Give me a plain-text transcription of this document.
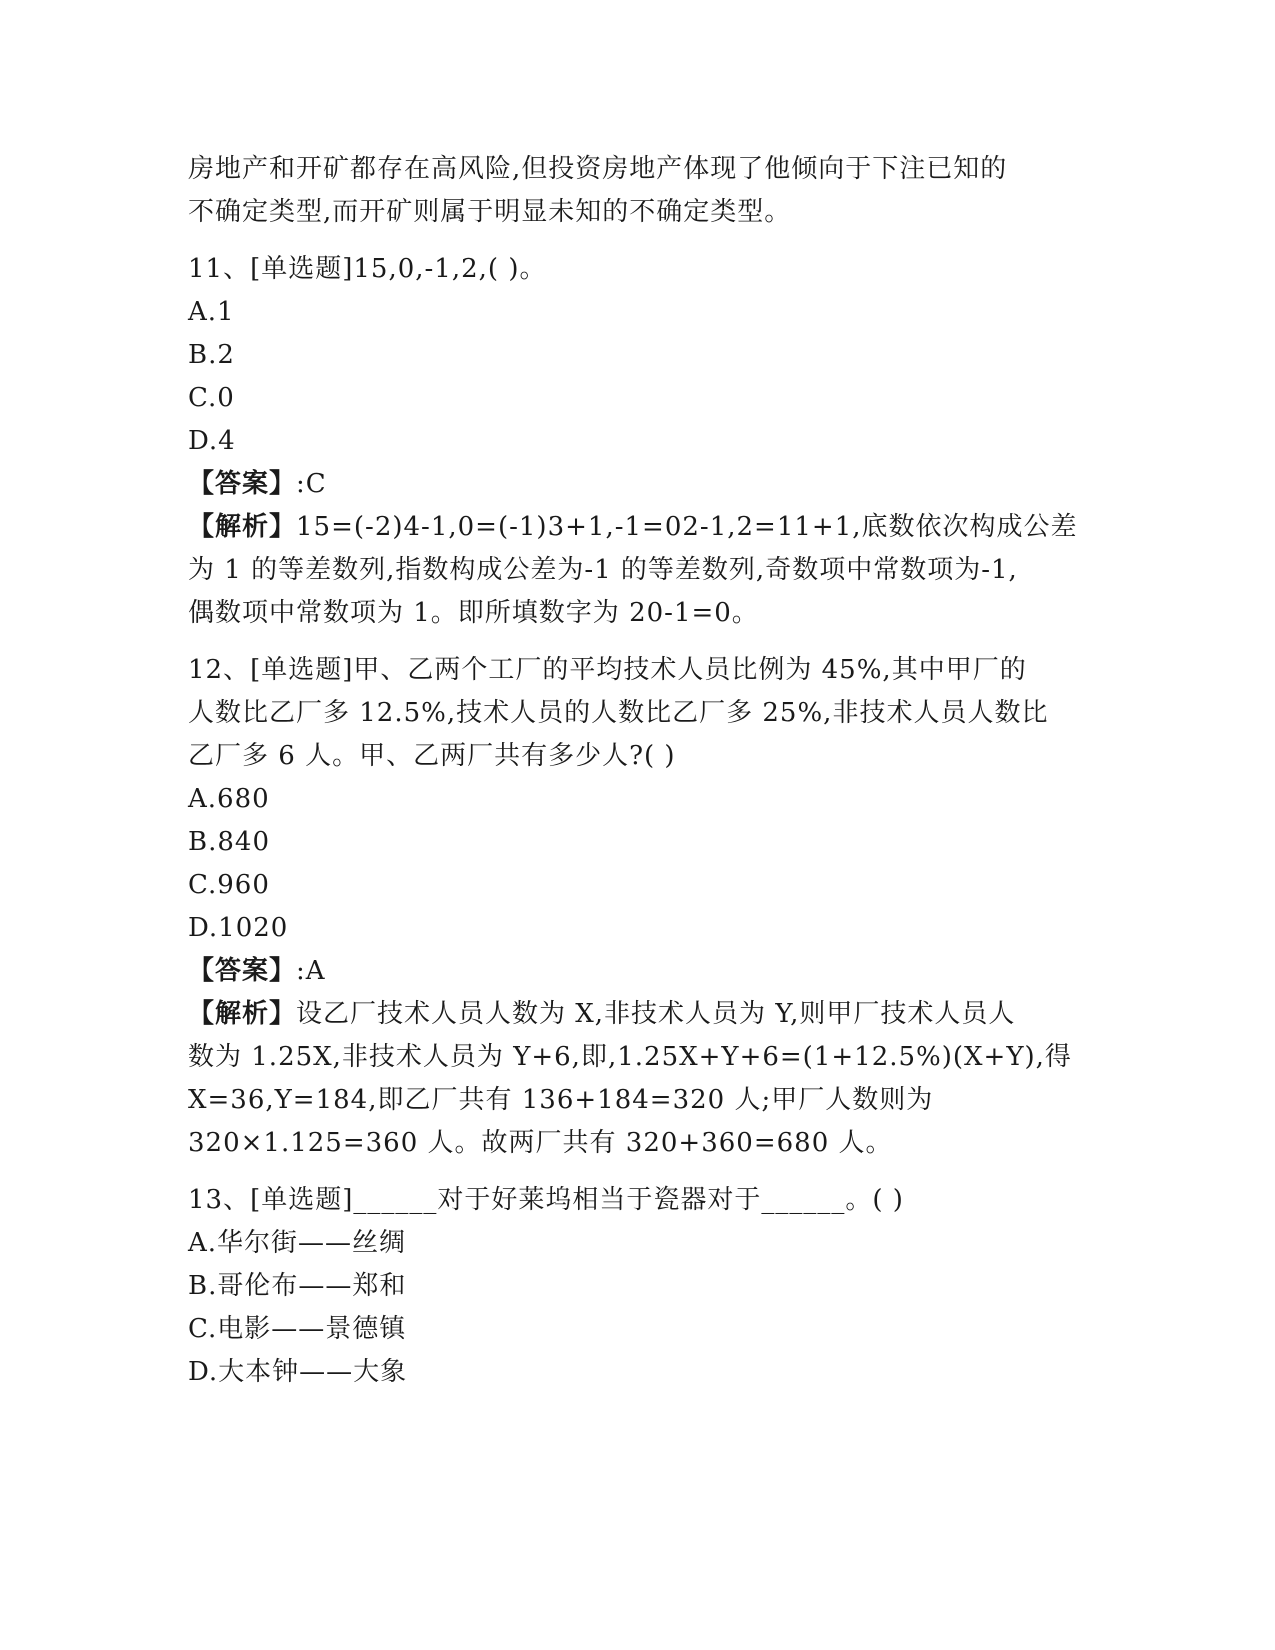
房地产和开矿都存在高风险,但投资房地产体现了他倾向于下注已知的
不确定类型,而开矿则属于明显未知的不确定类型。
11、[单选题]15,0,-1,2,( )。
A.1
B.2
C.0
D.4
【答案】:C
【解析】15=(-2)4-1,0=(-1)3+1,-1=02-1,2=11+1,底数依次构成公差
为 1 的等差数列,指数构成公差为-1 的等差数列,奇数项中常数项为-1,
偶数项中常数项为 1。即所填数字为 20-1=0。
12、[单选题]甲、乙两个工厂的平均技术人员比例为 45%,其中甲厂的
人数比乙厂多 12.5%,技术人员的人数比乙厂多 25%,非技术人员人数比
乙厂多 6 人。甲、乙两厂共有多少人?( )
A.680
B.840
C.960
D.1020
【答案】:A
【解析】设乙厂技术人员人数为 X,非技术人员为 Y,则甲厂技术人员人
数为 1.25X,非技术人员为 Y+6,即,1.25X+Y+6=(1+12.5%)(X+Y),得
X=36,Y=184,即乙厂共有 136+184=320 人;甲厂人数则为
320×1.125=360 人。故两厂共有 320+360=680 人。
13、[单选题]______对于好莱坞相当于瓷器对于______。( )
A.华尔街——丝绸
B.哥伦布——郑和
C.电影——景德镇
D.大本钟——大象
